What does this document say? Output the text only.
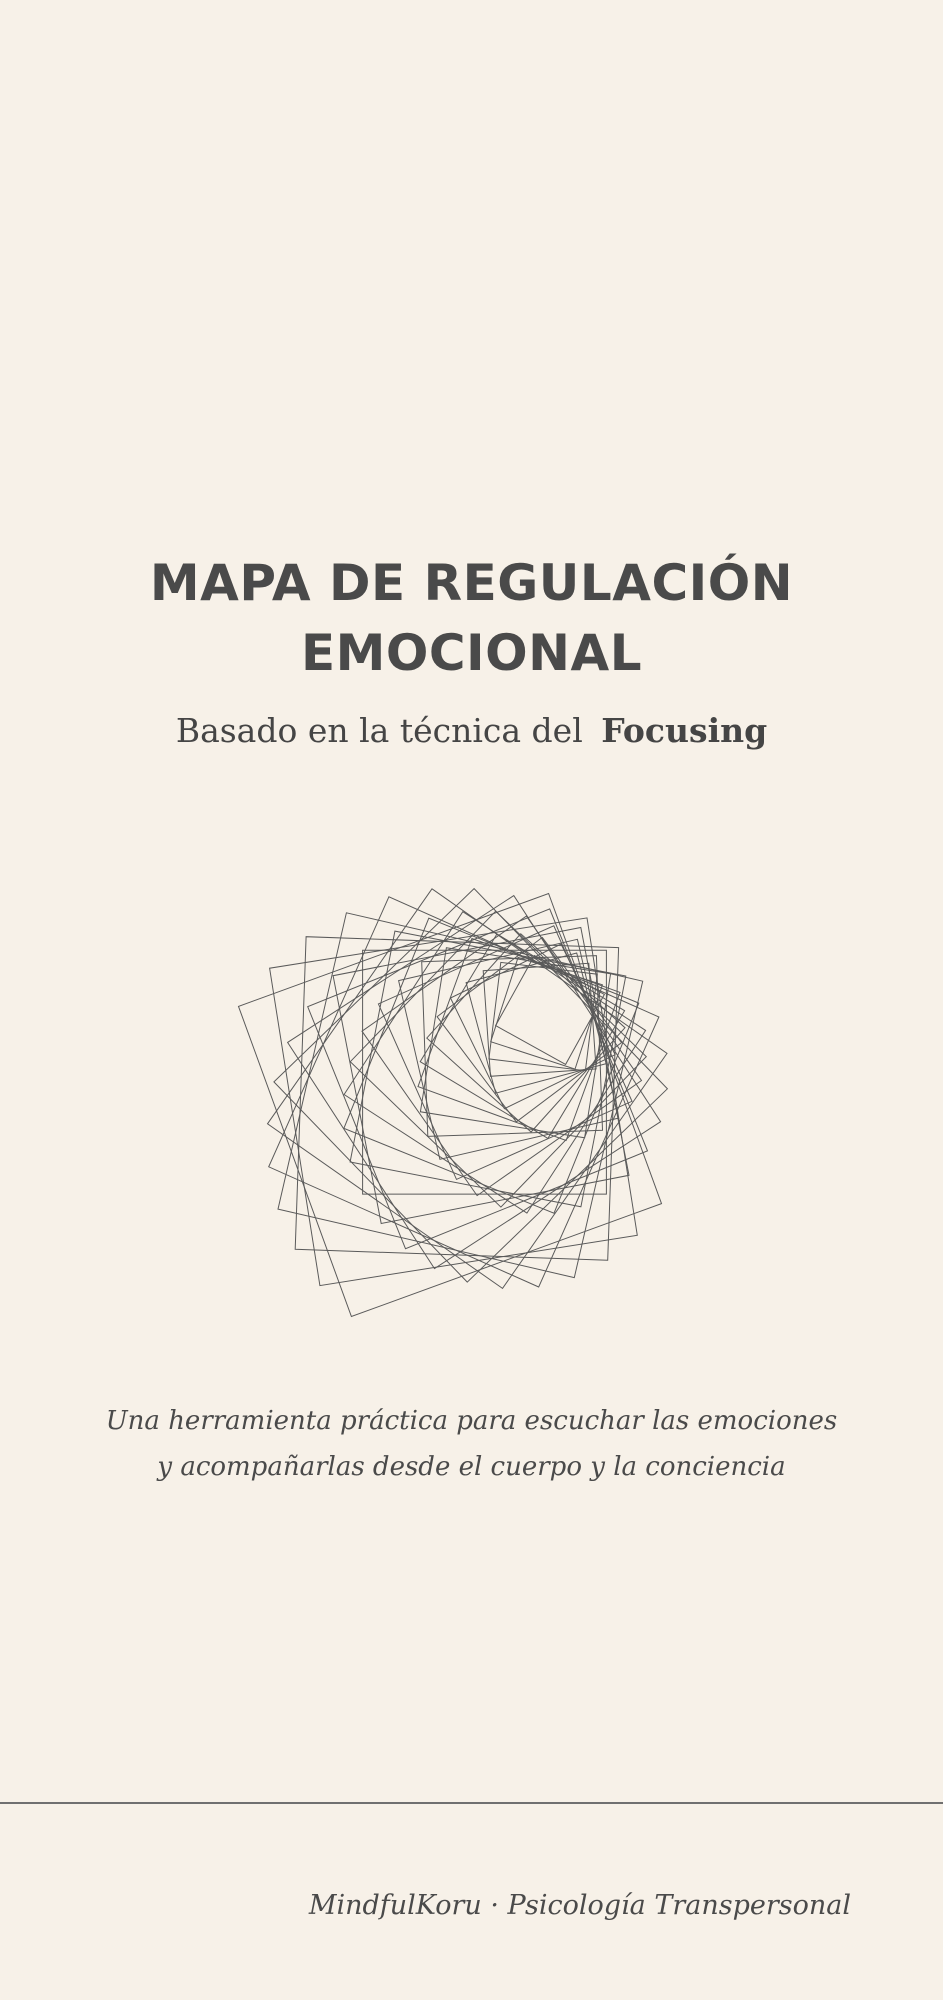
MAPA DE REGULACIÓN
EMOCIONAL
Basado en la técnica del Focusing
Una herramienta práctica para escuchar las emociones
y acompañarlas desde el cuerpo y la conciencia
MindfulKoru · Psicología Transpersonal
